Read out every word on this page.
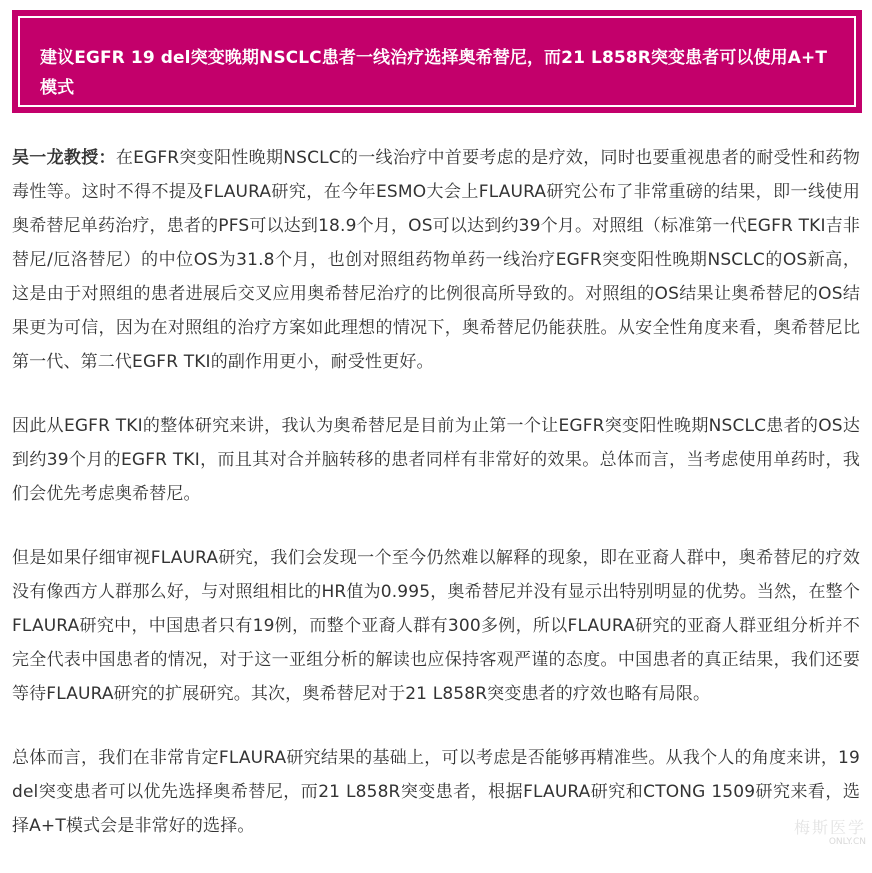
建议EGFR 19 del突变晚期NSCLC患者一线治疗选择奥希替尼，而21 L858R突变患者可以使用A+T模式

吴一龙教授：在EGFR突变阳性晚期NSCLC的一线治疗中首要考虑的是疗效，同时也要重视患者的耐受性和药物毒性等。这时不得不提及FLAURA研究，在今年ESMO大会上FLAURA研究公布了非常重磅的结果，即一线使用奥希替尼单药治疗，患者的PFS可以达到18.9个月，OS可以达到约39个月。对照组（标准第一代EGFR TKI吉非替尼/厄洛替尼）的中位OS为31.8个月，也创对照组药物单药一线治疗EGFR突变阳性晚期NSCLC的OS新高，这是由于对照组的患者进展后交叉应用奥希替尼治疗的比例很高所导致的。对照组的OS结果让奥希替尼的OS结果更为可信，因为在对照组的治疗方案如此理想的情况下，奥希替尼仍能获胜。从安全性角度来看，奥希替尼比第一代、第二代EGFR TKI的副作用更小，耐受性更好。

因此从EGFR TKI的整体研究来讲，我认为奥希替尼是目前为止第一个让EGFR突变阳性晚期NSCLC患者的OS达到约39个月的EGFR TKI，而且其对合并脑转移的患者同样有非常好的效果。总体而言，当考虑使用单药时，我们会优先考虑奥希替尼。

但是如果仔细审视FLAURA研究，我们会发现一个至今仍然难以解释的现象，即在亚裔人群中，奥希替尼的疗效没有像西方人群那么好，与对照组相比的HR值为0.995，奥希替尼并没有显示出特别明显的优势。当然，在整个FLAURA研究中，中国患者只有19例，而整个亚裔人群有300多例，所以FLAURA研究的亚裔人群亚组分析并不完全代表中国患者的情况，对于这一亚组分析的解读也应保持客观严谨的态度。中国患者的真正结果，我们还要等待FLAURA研究的扩展研究。其次，奥希替尼对于21 L858R突变患者的疗效也略有局限。

总体而言，我们在非常肯定FLAURA研究结果的基础上，可以考虑是否能够再精准些。从我个人的角度来讲，19 del突变患者可以优先选择奥希替尼，而21 L858R突变患者，根据FLAURA研究和CTONG 1509研究来看，选择A+T模式会是非常好的选择。	梅斯医学
ONLY.CN
